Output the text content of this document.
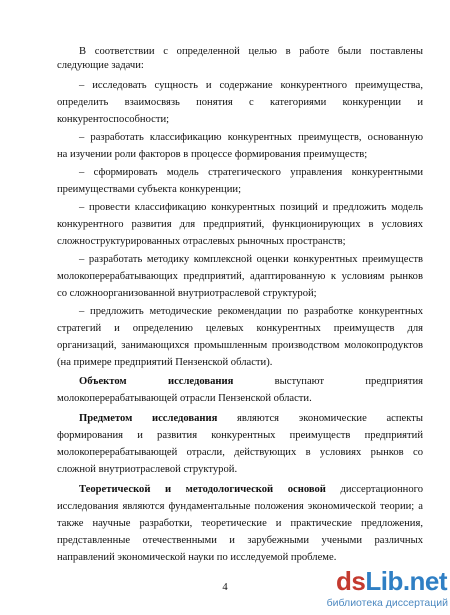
В соответствии с определенной целью в работе были поставлены
следующие задачи:
– исследовать сущность и содержание конкурентного преимущества,
определить взаимосвязь понятия с категориями конкуренции и
конкурентоспособности;
– разработать классификацию конкурентных преимуществ, основанную
на изучении роли факторов в процессе формирования преимуществ;
– сформировать модель стратегического управления конкурентными
преимуществами субъекта конкуренции;
– провести классификацию конкурентных позиций и предложить модель
конкурентного развития для предприятий, функционирующих в условиях
сложноструктурированных отраслевых рыночных пространств;
– разработать методику комплексной оценки конкурентных преимуществ
молокоперерабатывающих предприятий, адаптированную к условиям рынков
со сложноорганизованной внутриотраслевой структурой;
– предложить методические рекомендации по разработке конкурентных
стратегий и определению целевых конкурентных преимуществ для
организаций, занимающихся промышленным производством молокопродуктов
(на примере предприятий Пензенской области).
Объектом	исследования	выступают	предприятия
молокоперерабатывающей отрасли Пензенской области.
Предметом исследования являются экономические аспекты
формирования и развития конкурентных преимуществ предприятий
молокоперерабатывающей отрасли, действующих в условиях рынков со
сложной внутриотраслевой структурой.
Теоретической и методологической основой диссертационного
исследования являются фундаментальные положения экономической теории; а
также научные разработки, теоретические и практические предложения,
представленные отечественными и зарубежными учеными различных
направлений экономической науки по исследуемой проблеме.
4	dsLib.net
библиотека диссертаций
